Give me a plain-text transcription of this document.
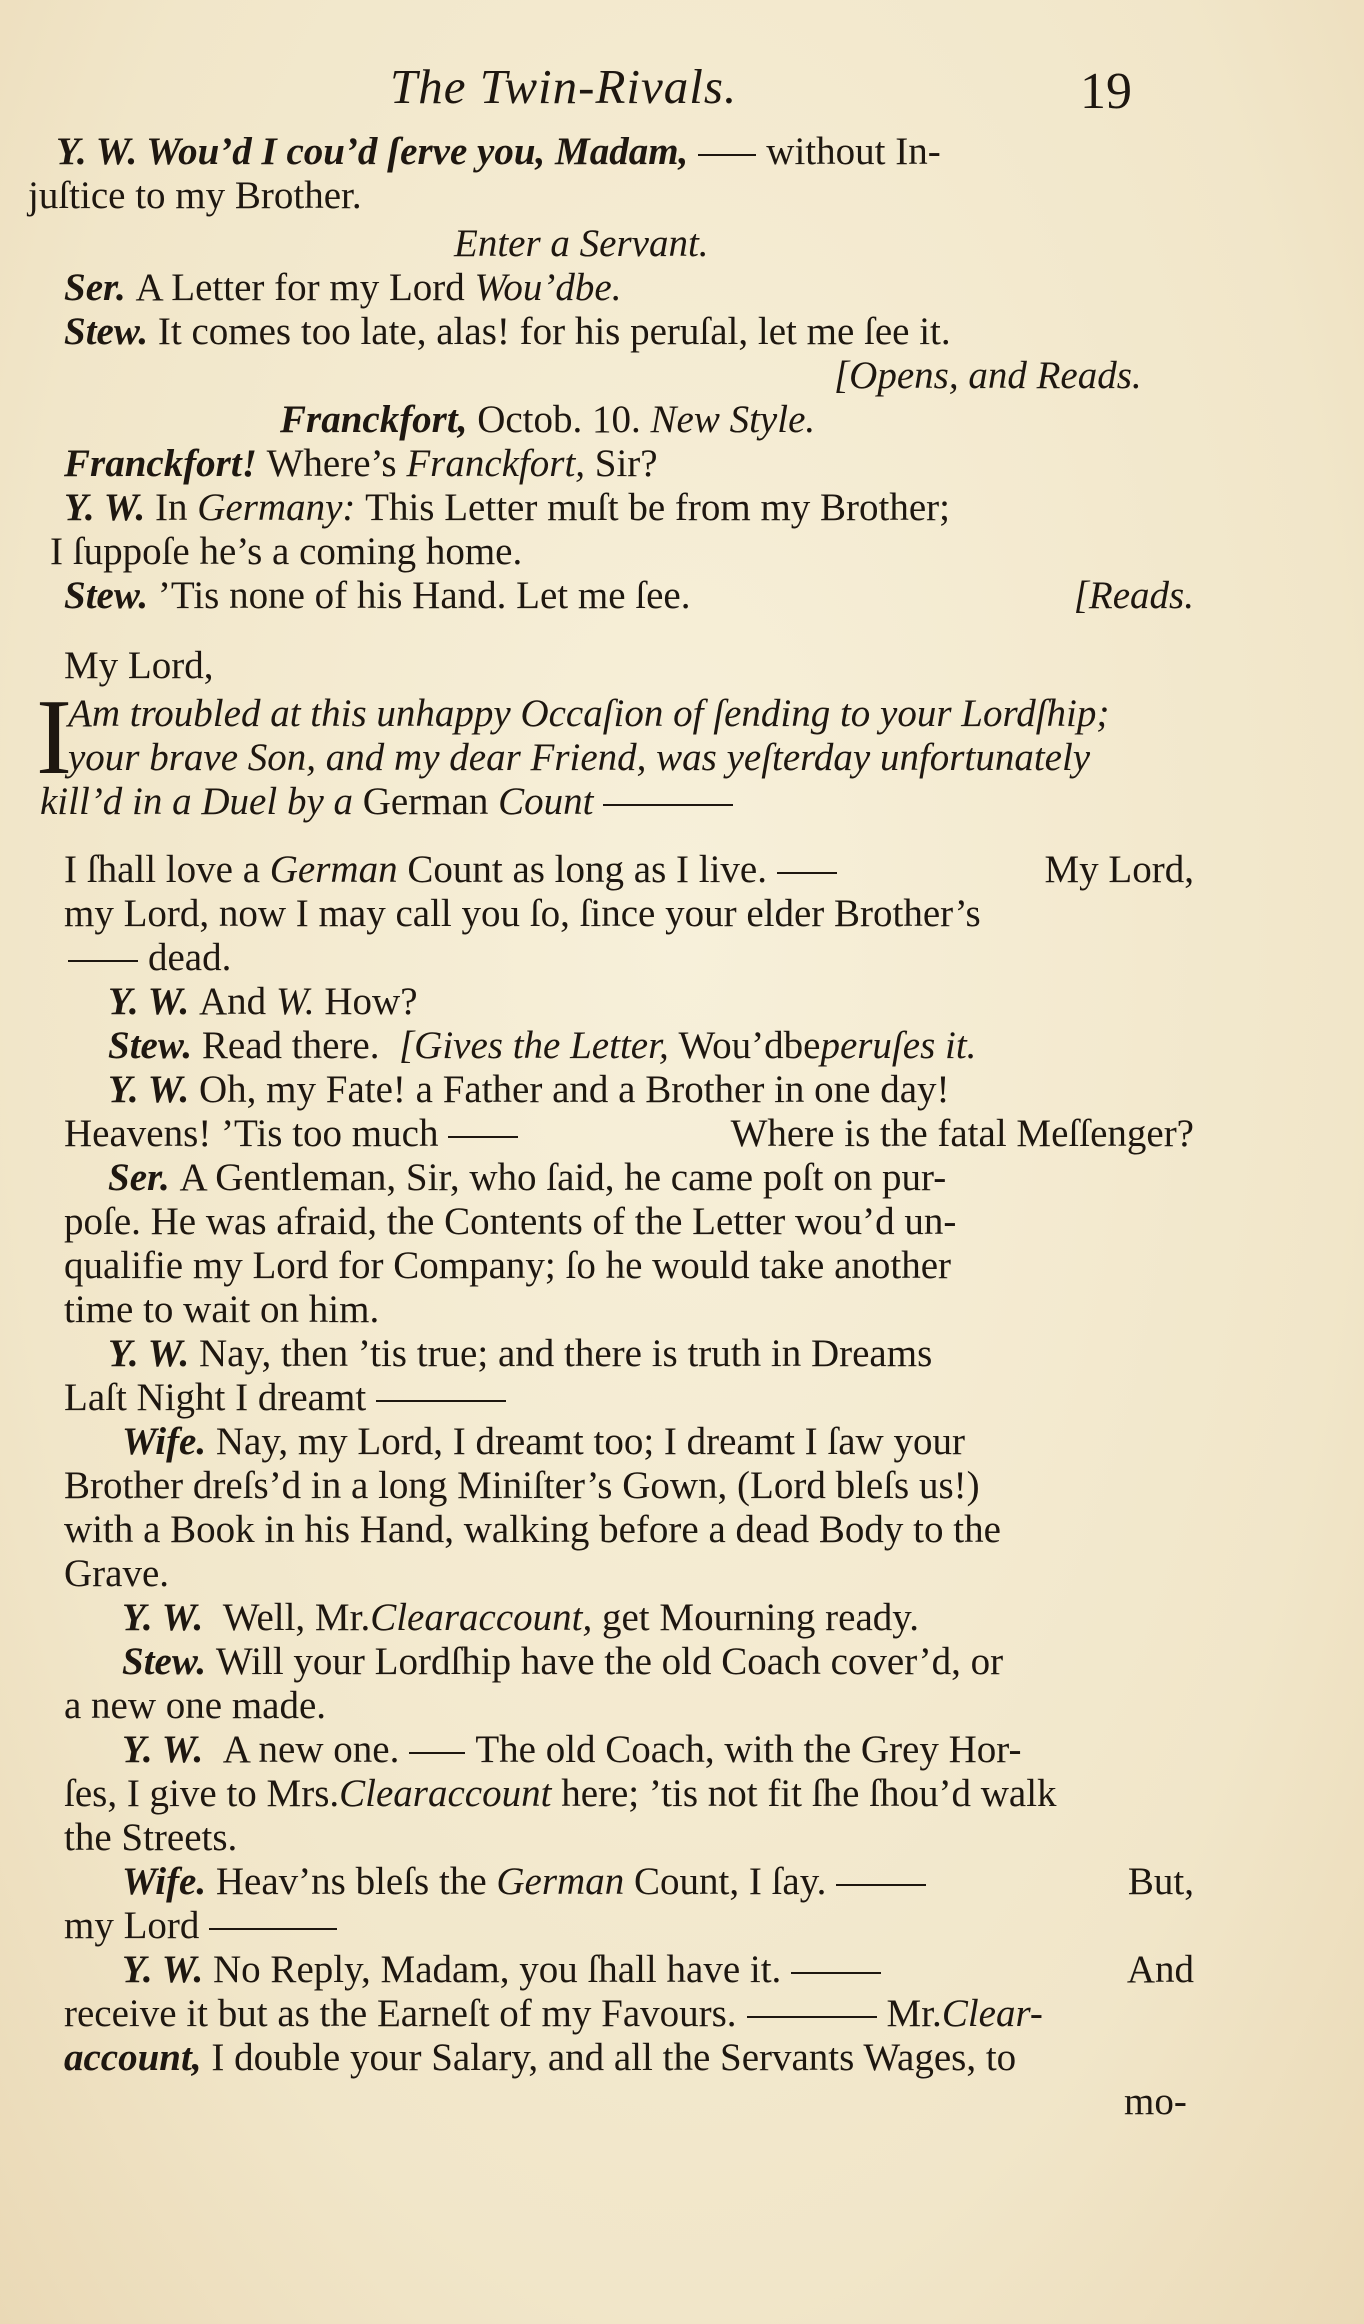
The Twin-Rivals.	19
Y. W. Wou’d I cou’d ſerve you, Madam, without In-
juſtice to my Brother.
Enter a Servant.
Ser. A Letter for my Lord Wou’dbe.
Stew. It comes too late, alas! for his peruſal, let me ſee it.
[Opens, and Reads.
Franckfort, Octob. 10. New Style.
Franckfort! Where’s Franckfort, Sir?
Y. W. In Germany: This Letter muſt be from my Brother;
I ſuppoſe he’s a coming home.
Stew. ’Tis none of his Hand. Let me ſee.	[Reads.
My Lord,
I
Am troubled at this unhappy Occaſion of ſending to your Lordſhip;
your brave Son, and my dear Friend, was yeſterday unfortunately
kill’d in a Duel by a German Count
I ſhall love a German Count as long as I live.	My Lord,
my Lord, now I may call you ſo, ſince your elder Brother’s
dead.
Y. W. And W. How?
Stew. Read there. [Gives the Letter, Wou’dbeperuſes it.
Y. W. Oh, my Fate! a Father and a Brother in one day!
Heavens! ’Tis too much	Where is the fatal Meſſenger?
Ser. A Gentleman, Sir, who ſaid, he came poſt on pur-
poſe. He was afraid, the Contents of the Letter wou’d un-
qualifie my Lord for Company; ſo he would take another
time to wait on him.
Y. W. Nay, then ’tis true; and there is truth in Dreams
Laſt Night I dreamt
Wife. Nay, my Lord, I dreamt too; I dreamt I ſaw your
Brother dreſs’d in a long Miniſter’s Gown, (Lord bleſs us!)
with a Book in his Hand, walking before a dead Body to the
Grave.
Y. W. Well, Mr.Clearaccount, get Mourning ready.
Stew. Will your Lordſhip have the old Coach cover’d, or
a new one made.
Y. W. A new one. The old Coach, with the Grey Hor-
ſes, I give to Mrs.Clearaccount here; ’tis not fit ſhe ſhou’d walk
the Streets.
Wife. Heav’ns bleſs the German Count, I ſay.	But,
my Lord
Y. W. No Reply, Madam, you ſhall have it.	And
receive it but as the Earneſt of my Favours.	Mr.Clear-
account, I double your Salary, and all the Servants Wages, to
mo-
